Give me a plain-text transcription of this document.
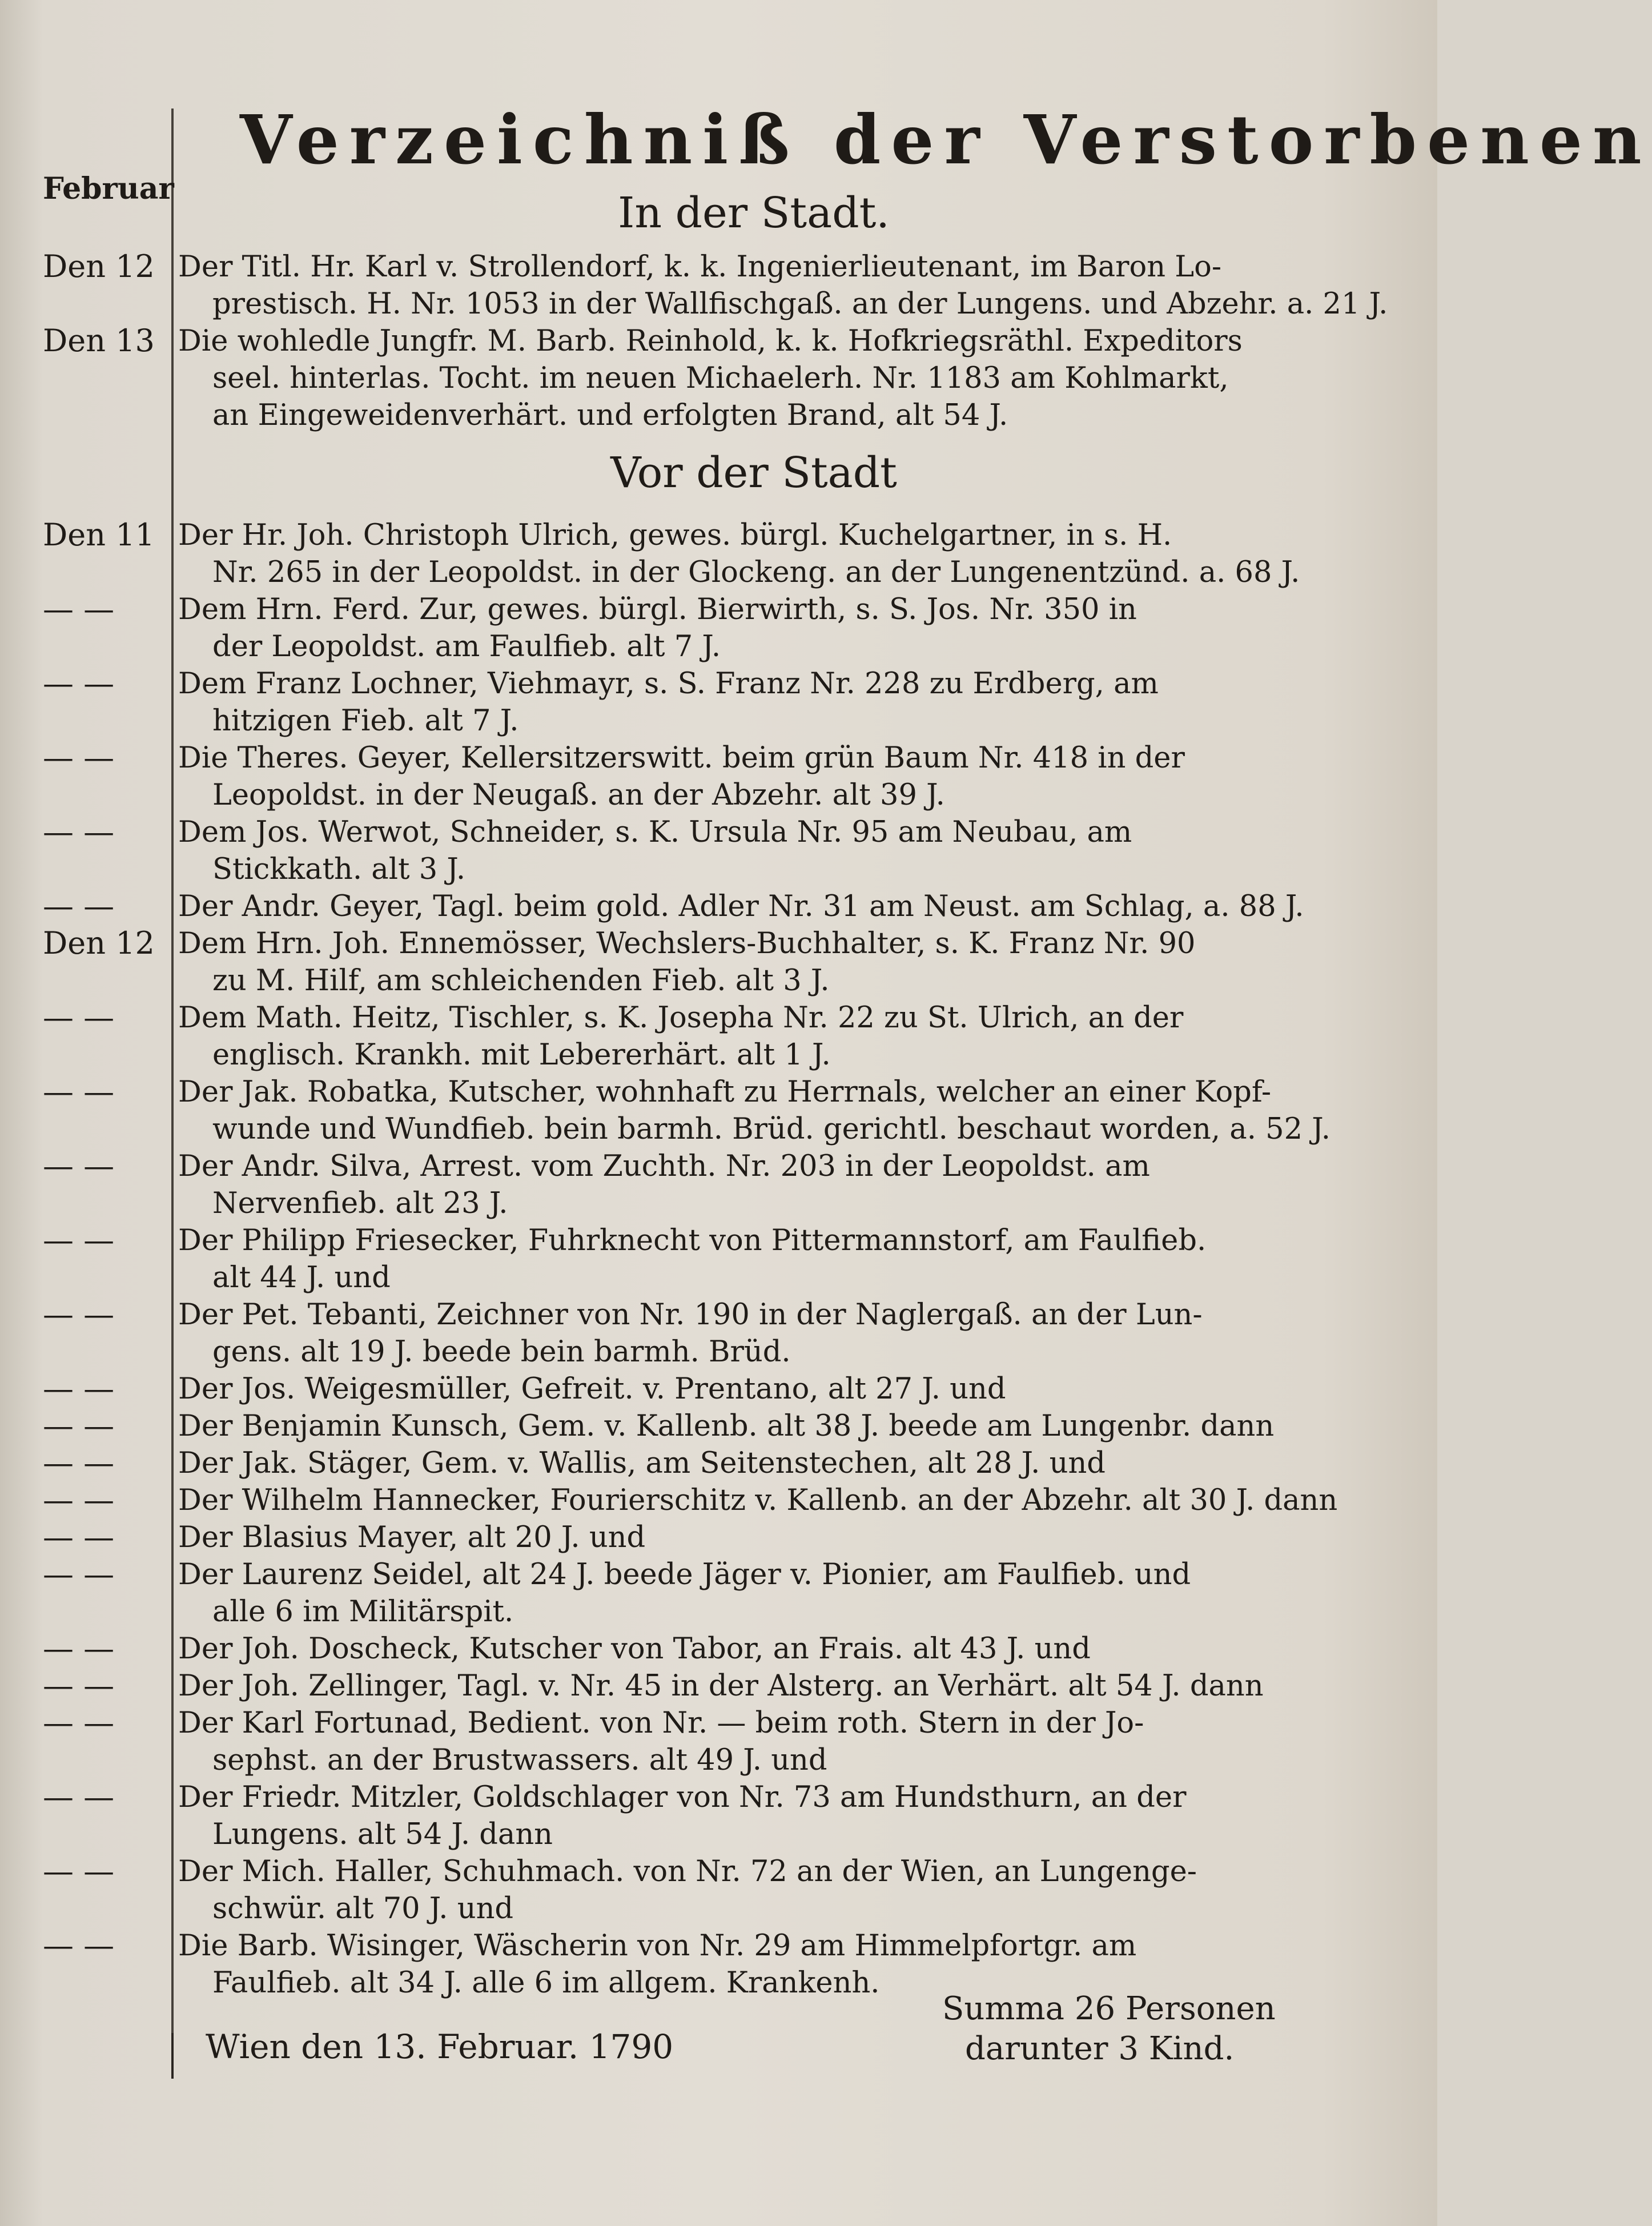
Verzeichniß der Verstorbenen
Februar	In der Stadt.
Den 12 Der Titl. Hr. Karl v. Strollendorf, k. k. Ingenierlieutenant, im Baron Lo-
prestisch. H. Nr. 1053 in der Wallfischgaß. an der Lungens. und Abzehr. a. 21 J.
Den 13 Die wohledle Jungfr. M. Barb. Reinhold, k. k. Hofkriegsräthl. Expeditors
seel. hinterlas. Tocht. im neuen Michaelerh. Nr. 1183 am Kohlmarkt,
an Eingeweidenverhärt. und erfolgten Brand, alt 54 J.
Vor der Stadt
Den 11 Der Hr. Joh. Christoph Ulrich, gewes. bürgl. Kuchelgartner, in s. H.
Nr. 265 in der Leopoldst. in der Glockeng. an der Lungenentzünd. a. 68 J.
— —	Dem Hrn. Ferd. Zur, gewes. bürgl. Bierwirth, s. S. Jos. Nr. 350 in
der Leopoldst. am Faulfieb. alt 7 J.
— —	Dem Franz Lochner, Viehmayr, s. S. Franz Nr. 228 zu Erdberg, am
hitzigen Fieb. alt 7 J.
— —	Die Theres. Geyer, Kellersitzerswitt. beim grün Baum Nr. 418 in der
Leopoldst. in der Neugaß. an der Abzehr. alt 39 J.
— —	Dem Jos. Werwot, Schneider, s. K. Ursula Nr. 95 am Neubau, am
Stickkath. alt 3 J.
— —	Der Andr. Geyer, Tagl. beim gold. Adler Nr. 31 am Neust. am Schlag, a. 88 J.
Den 12 Dem Hrn. Joh. Ennemösser, Wechslers-Buchhalter, s. K. Franz Nr. 90
zu M. Hilf, am schleichenden Fieb. alt 3 J.
— —	Dem Math. Heitz, Tischler, s. K. Josepha Nr. 22 zu St. Ulrich, an der
englisch. Krankh. mit Lebererhärt. alt 1 J.
— —	Der Jak. Robatka, Kutscher, wohnhaft zu Herrnals, welcher an einer Kopf-
wunde und Wundfieb. bein barmh. Brüd. gerichtl. beschaut worden, a. 52 J.
— —	Der Andr. Silva, Arrest. vom Zuchth. Nr. 203 in der Leopoldst. am
Nervenfieb. alt 23 J.
— —	Der Philipp Friesecker, Fuhrknecht von Pittermannstorf, am Faulfieb.
alt 44 J. und
— —	Der Pet. Tebanti, Zeichner von Nr. 190 in der Naglergaß. an der Lun-
gens. alt 19 J. beede bein barmh. Brüd.
— —	Der Jos. Weigesmüller, Gefreit. v. Prentano, alt 27 J. und
— —	Der Benjamin Kunsch, Gem. v. Kallenb. alt 38 J. beede am Lungenbr. dann
— —	Der Jak. Stäger, Gem. v. Wallis, am Seitenstechen, alt 28 J. und
— —	Der Wilhelm Hannecker, Fourierschitz v. Kallenb. an der Abzehr. alt 30 J. dann
— —	Der Blasius Mayer, alt 20 J. und
— —	Der Laurenz Seidel, alt 24 J. beede Jäger v. Pionier, am Faulfieb. und
alle 6 im Militärspit.
— —	Der Joh. Doscheck, Kutscher von Tabor, an Frais. alt 43 J. und
— —	Der Joh. Zellinger, Tagl. v. Nr. 45 in der Alsterg. an Verhärt. alt 54 J. dann
— —	Der Karl Fortunad, Bedient. von Nr. — beim roth. Stern in der Jo-
sephst. an der Brustwassers. alt 49 J. und
— —	Der Friedr. Mitzler, Goldschlager von Nr. 73 am Hundsthurn, an der
Lungens. alt 54 J. dann
— —	Der Mich. Haller, Schuhmach. von Nr. 72 an der Wien, an Lungenge-
schwür. alt 70 J. und
— —	Die Barb. Wisinger, Wäscherin von Nr. 29 am Himmelpfortgr. am
Faulfieb. alt 34 J. alle 6 im allgem. Krankenh.
Summa 26 Personen
darunter 3 Kind.
Wien den 13. Februar. 1790
